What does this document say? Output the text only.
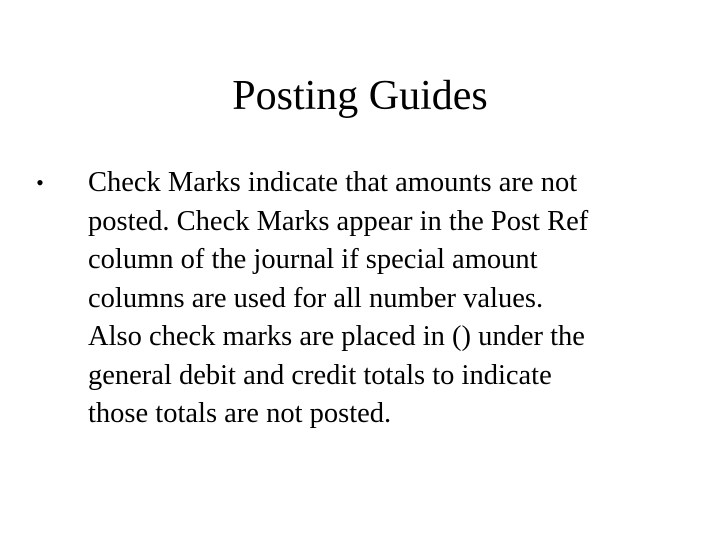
Posting Guides
• Check Marks indicate that amounts are not
posted. Check Marks appear in the Post Ref
column of the journal if special amount
columns are used for all number values.
Also check marks are placed in () under the
general debit and credit totals to indicate
those totals are not posted.
